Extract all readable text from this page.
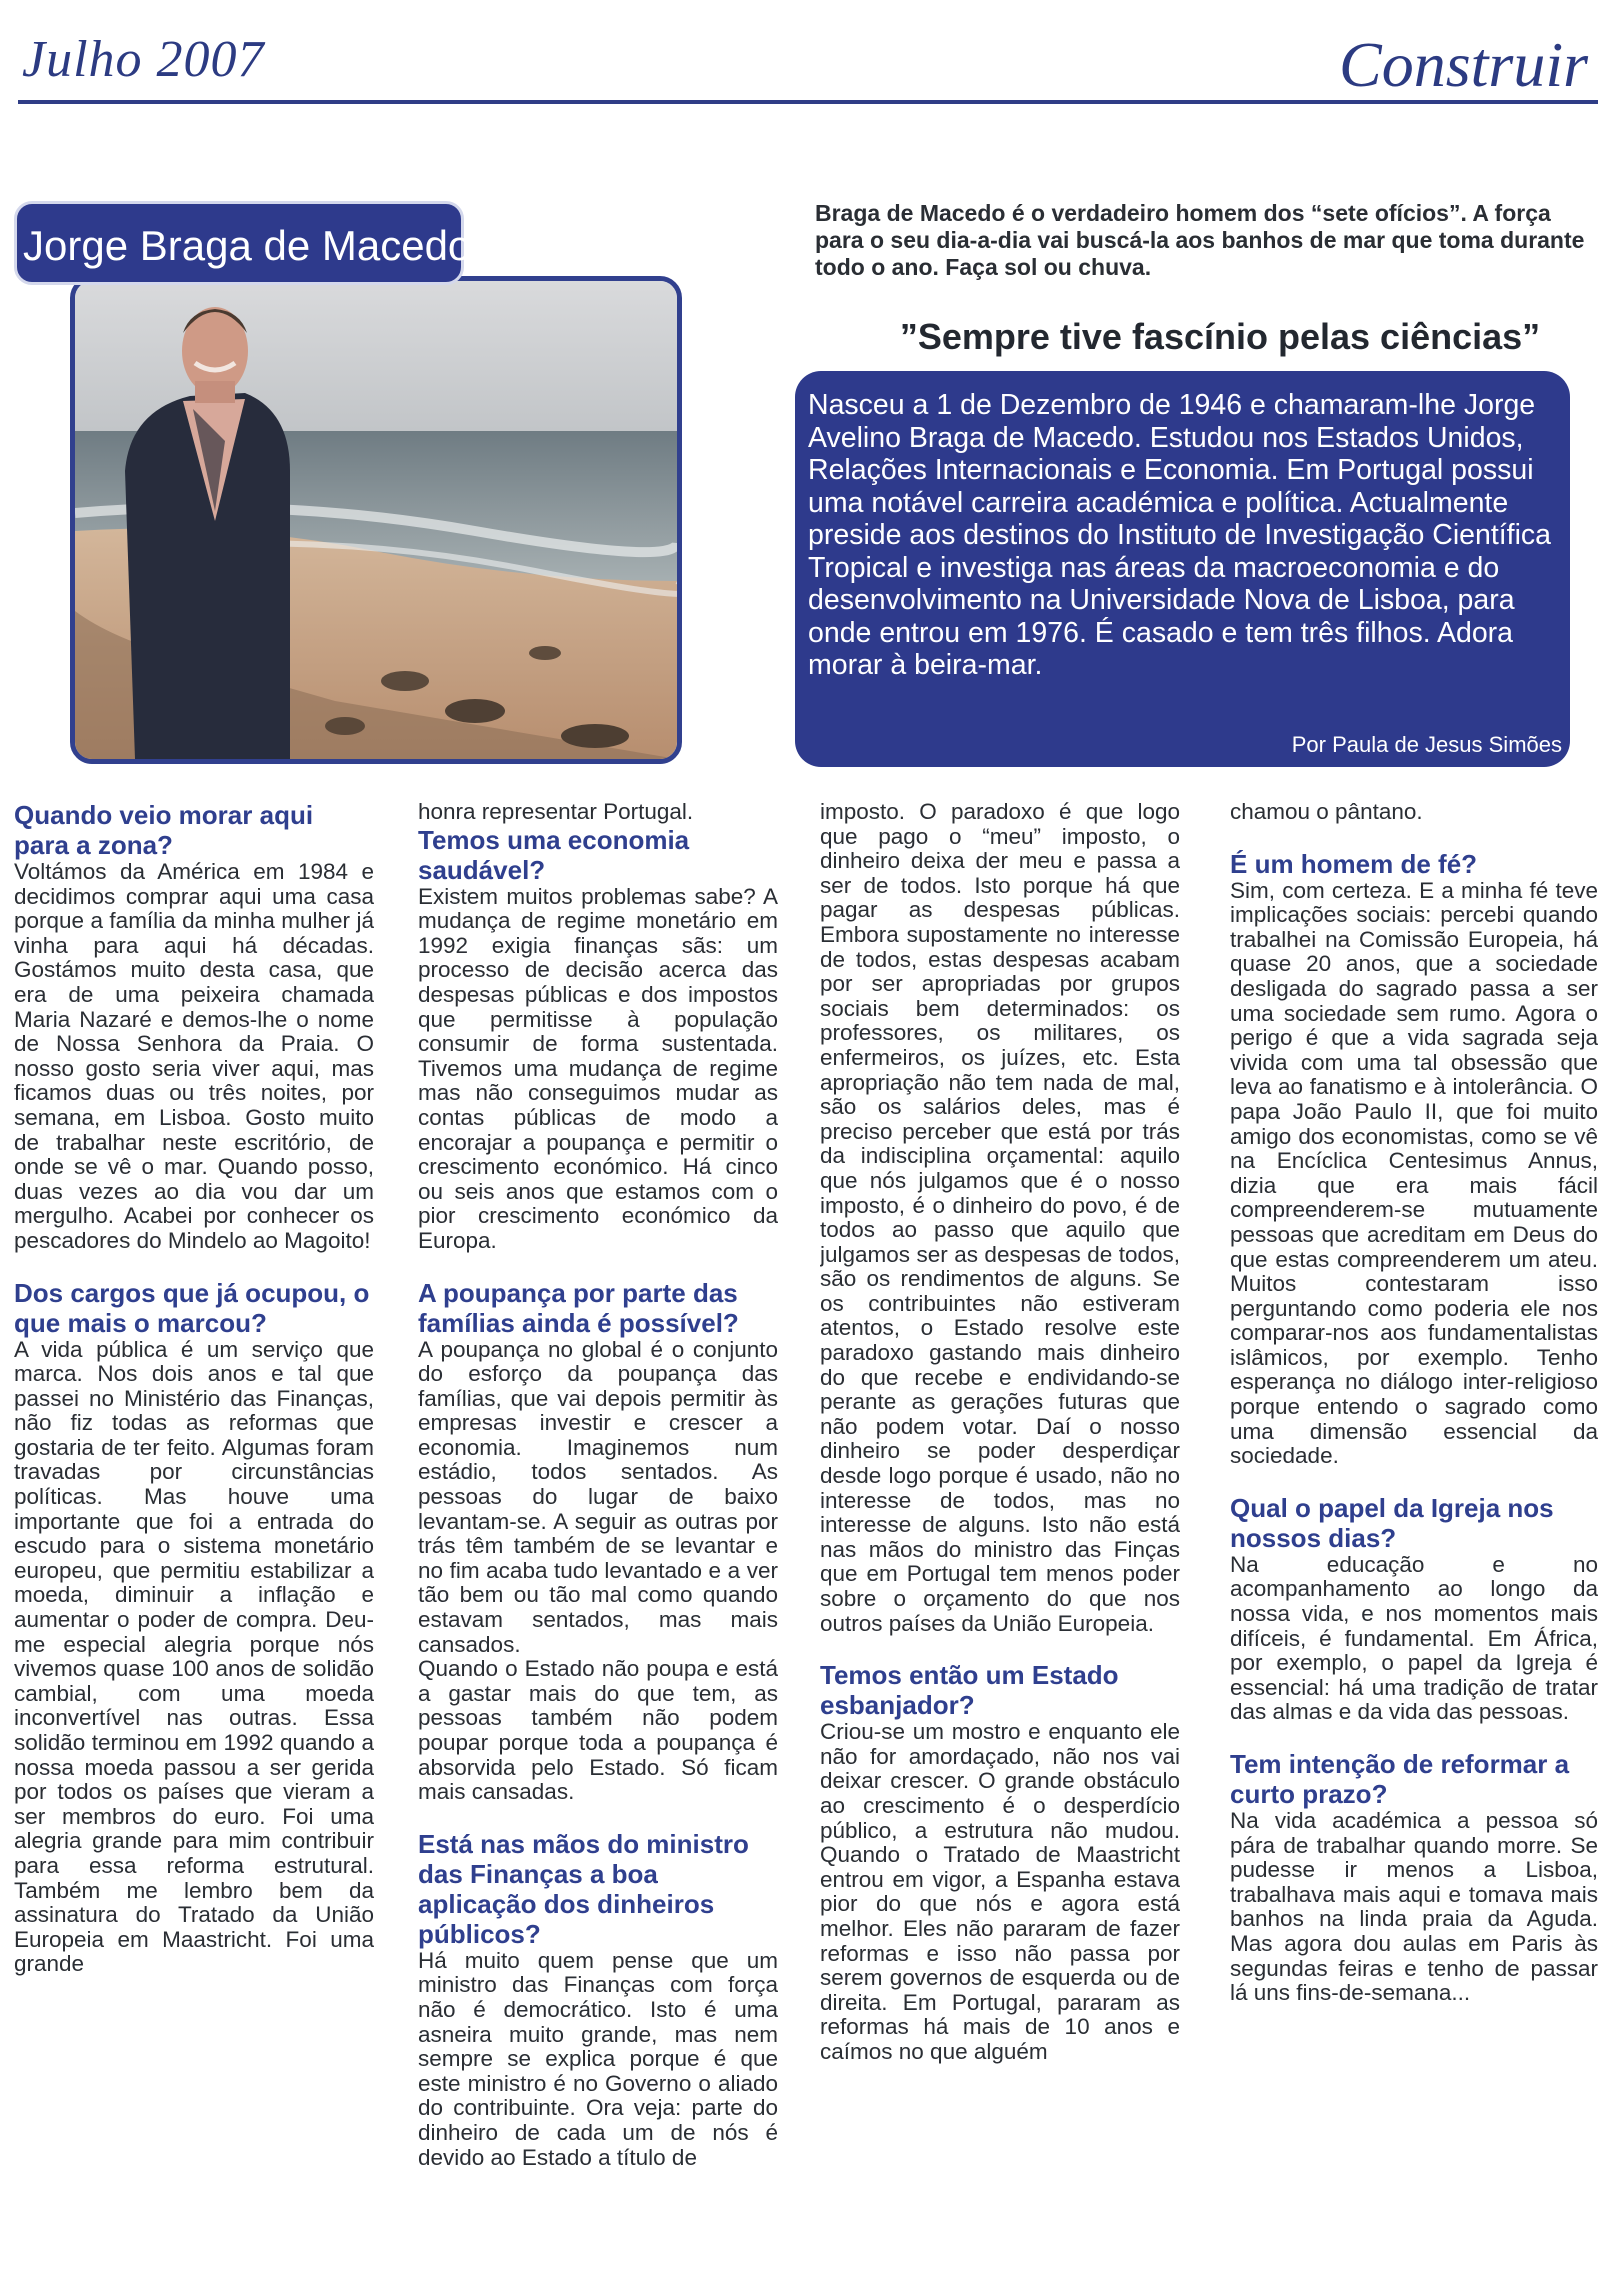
Julho 2007	Construir
Jorge Braga de Macedo
Braga de Macedo é o verdadeiro homem dos “sete ofícios”. A força para o seu dia-a-dia vai buscá-la aos banhos de mar que toma durante todo o ano. Faça sol ou chuva.
”Sempre tive fascínio pelas ciências”
Nasceu a 1 de Dezembro de 1946 e chamaram-lhe Jorge Avelino Braga de Macedo. Estudou nos Estados Unidos, Relações Internacionais e Economia. Em Portugal possui uma notável carreira académica e política. Actualmente preside aos destinos do Instituto de Investigação Científica Tropical e investiga nas áreas da macroeconomia e do desenvolvimento na Universidade Nova de Lisboa, para onde entrou em 1976. É casado e tem três filhos. Adora morar à beira-mar.
Por Paula de Jesus Simões
Quando veio morar aqui para a zona?

Voltámos da América em 1984 e decidimos comprar aqui uma casa porque a família da minha mulher já vinha para aqui há décadas. Gostámos muito desta casa, que era de uma peixeira chamada Maria Nazaré e demos-lhe o nome de Nossa Senhora da Praia. O nosso gosto seria viver aqui, mas ficamos duas ou três noites, por semana, em Lisboa. Gosto muito de trabalhar neste escritório, de onde se vê o mar. Quando posso, duas vezes ao dia vou dar um mergulho. Acabei por conhecer os pescadores do Mindelo ao Magoito!

Dos cargos que já ocupou, o que mais o marcou?

A vida pública é um serviço que marca. Nos dois anos e tal que passei no Ministério das Finanças, não fiz todas as reformas que gostaria de ter feito. Algumas foram travadas por circunstâncias políticas. Mas houve uma importante que foi a entrada do escudo para o sistema monetário europeu, que permitiu estabilizar a moeda, diminuir a inflação e aumentar o poder de compra. Deu-me especial alegria porque nós vivemos quase 100 anos de solidão cambial, com uma moeda inconvertível nas outras. Essa solidão terminou em 1992 quando a nossa moeda passou a ser gerida por todos os países que vieram a ser membros do euro. Foi uma alegria grande para mim contribuir para essa reforma estrutural. Também me lembro bem da assinatura do Tratado da União Europeia em Maastricht. Foi uma grande

honra representar Portugal.

Temos uma economia saudável?

Existem muitos problemas sabe? A mudança de regime monetário em 1992 exigia finanças sãs: um processo de decisão acerca das despesas públicas e dos impostos que permitisse à população consumir de forma sustentada. Tivemos uma mudança de regime mas não conseguimos mudar as contas públicas de modo a encorajar a poupança e permitir o crescimento económico. Há cinco ou seis anos que estamos com o pior crescimento económico da Europa.

A poupança por parte das famílias ainda é possível?

A poupança no global é o conjunto do esforço da poupança das famílias, que vai depois permitir às empresas investir e crescer a economia. Imaginemos num estádio, todos sentados. As pessoas do lugar de baixo levantam-se. A seguir as outras por trás têm também de se levantar e no fim acaba tudo levantado e a ver tão bem ou tão mal como quando estavam sentados, mas mais cansados.

Quando o Estado não poupa e está a gastar mais do que tem, as pessoas também não podem poupar porque toda a poupança é absorvida pelo Estado. Só ficam mais cansadas.

Está nas mãos do ministro das Finanças a boa aplicação dos dinheiros públicos?

Há muito quem pense que um ministro das Finanças com força não é democrático. Isto é uma asneira muito grande, mas nem sempre se explica porque é que este ministro é no Governo o aliado do contribuinte. Ora veja: parte do dinheiro de cada um de nós é devido ao Estado a título de

imposto. O paradoxo é que logo que pago o “meu” imposto, o dinheiro deixa der meu e passa a ser de todos. Isto porque há que pagar as despesas públicas. Embora supostamente no interesse de todos, estas despesas acabam por ser apropriadas por grupos sociais bem determinados: os professores, os militares, os enfermeiros, os juízes, etc. Esta apropriação não tem nada de mal, são os salários deles, mas é preciso perceber que está por trás da indisciplina orçamental: aquilo que nós julgamos que é o nosso imposto, é o dinheiro do povo, é de todos ao passo que aquilo que julgamos ser as despesas de todos, são os rendimentos de alguns. Se os contribuintes não estiveram atentos, o Estado resolve este paradoxo gastando mais dinheiro do que recebe e endividando-se perante as gerações futuras que não podem votar. Daí o nosso dinheiro se poder desperdiçar desde logo porque é usado, não no interesse de todos, mas no interesse de alguns. Isto não está nas mãos do ministro das Finças que em Portugal tem menos poder sobre o orçamento do que nos outros países da União Europeia.

Temos então um Estado esbanjador?

Criou-se um mostro e enquanto ele não for amordaçado, não nos vai deixar crescer. O grande obstáculo ao crescimento é o desperdício público, a estrutura não mudou. Quando o Tratado de Maastricht entrou em vigor, a Espanha estava pior do que nós e agora está melhor. Eles não pararam de fazer reformas e isso não passa por serem governos de esquerda ou de direita. Em Portugal, pararam as reformas há mais de 10 anos e caímos no que alguém

chamou o pântano.

É um homem de fé?

Sim, com certeza. E a minha fé teve implicações sociais: percebi quando trabalhei na Comissão Europeia, há quase 20 anos, que a sociedade desligada do sagrado passa a ser uma sociedade sem rumo. Agora o perigo é que a vida sagrada seja vivida com uma tal obsessão que leva ao fanatismo e à intolerância. O papa João Paulo II, que foi muito amigo dos economistas, como se vê na Encíclica Centesimus Annus, dizia que era mais fácil compreenderem-se mutuamente pessoas que acreditam em Deus do que estas compreenderem um ateu. Muitos contestaram isso perguntando como poderia ele nos comparar-nos aos fundamentalistas islâmicos, por exemplo. Tenho esperança no diálogo inter-religioso porque entendo o sagrado como uma dimensão essencial da sociedade.

Qual o papel da Igreja nos nossos dias?

Na educação e no acompanhamento ao longo da nossa vida, e nos momentos mais difíceis, é fundamental. Em África, por exemplo, o papel da Igreja é essencial: há uma tradição de tratar das almas e da vida das pessoas.

Tem intenção de reformar a curto prazo?

Na vida académica a pessoa só pára de trabalhar quando morre. Se pudesse ir menos a Lisboa, trabalhava mais aqui e tomava mais banhos na linda praia da Aguda. Mas agora dou aulas em Paris às segundas feiras e tenho de passar lá uns fins-de-semana...
